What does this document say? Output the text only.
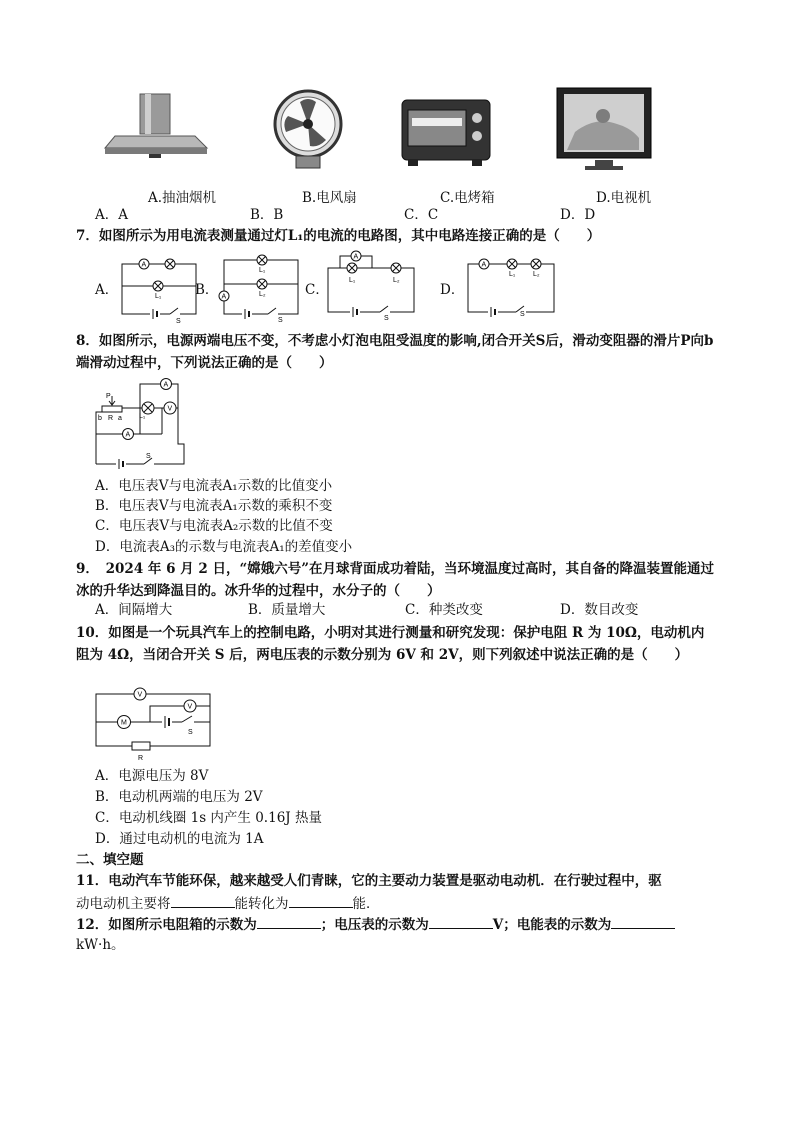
A.抽油烟机	B.电风扇	C.电烤箱	D.电视机
A．A	B．B	C．C	D．D
7．如图所示为用电流表测量通过灯L₁的电流的电路图，其中电路连接正确的是（　　）
A．	B．	C．	D．
A
L₁
S
L₁
L₂
A
S
A
L₁	L₂
S
A
L₁	L₂
S
8．如图所示，电源两端电压不变，不考虑小灯泡电阻受温度的影响,闭合开关S后，滑动变阻器的滑片P向b端滑动过程中，下列说法正确的是（　　）
P
b R a
A
L₁
V
A
S
A．电压表V与电流表A₁示数的比值变小
B．电压表V与电流表A₁示数的乘积不变
C．电压表V与电流表A₂示数的比值不变
D．电流表A₃的示数与电流表A₁的差值变小
9．　2024 年 6 月 2 日，“嫦娥六号”在月球背面成功着陆，当环境温度过高时，其自备的降温装置能通过冰的升华达到降温目的。冰升华的过程中，水分子的（　　）
A．间隔增大	B．质量增大	C．种类改变	D．数目改变
10．如图是一个玩具汽车上的控制电路，小明对其进行测量和研究发现：保护电阻 R 为 10Ω，电动机内阻为 4Ω，当闭合开关 S 后，两电压表的示数分别为 6V 和 2V，则下列叙述中说法正确的是（　　）
V
V
M
S
R
A．电源电压为 8V
B．电动机两端的电压为 2V
C．电动机线圈 1s 内产生 0.16J 热量
D．通过电动机的电流为 1A
二、填空题
11．电动汽车节能环保，越来越受人们青睐，它的主要动力装置是驱动电动机．在行驶过程中，驱
动电动机主要将	能转化为	能．
12．如图所示电阻箱的示数为	；电压表的示数为	V；电能表的示数为
kW·h。
